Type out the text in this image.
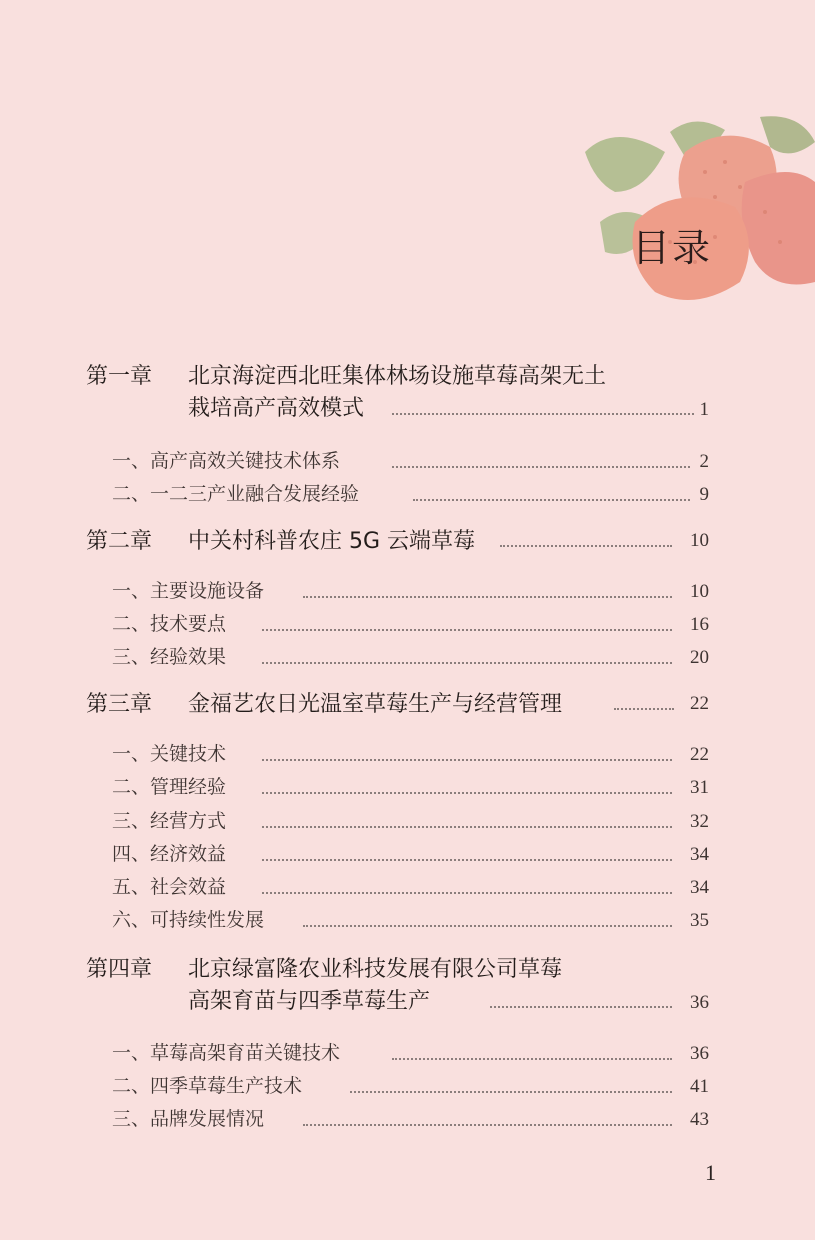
目录
第一章 北京海淀西北旺集体林场设施草莓高架无土
栽培高产高效模式	1
一、高产高效关键技术体系	2
二、一二三产业融合发展经验	9
第二章 中关村科普农庄 5G 云端草莓	10
一、主要设施设备	10
二、技术要点	16
三、经验效果	20
第三章 金福艺农日光温室草莓生产与经营管理	22
一、关键技术	22
二、管理经验	31
三、经营方式	32
四、经济效益	34
五、社会效益	34
六、可持续性发展	35
第四章 北京绿富隆农业科技发展有限公司草莓
高架育苗与四季草莓生产	36
一、草莓高架育苗关键技术	36
二、四季草莓生产技术	41
三、品牌发展情况	43
1
